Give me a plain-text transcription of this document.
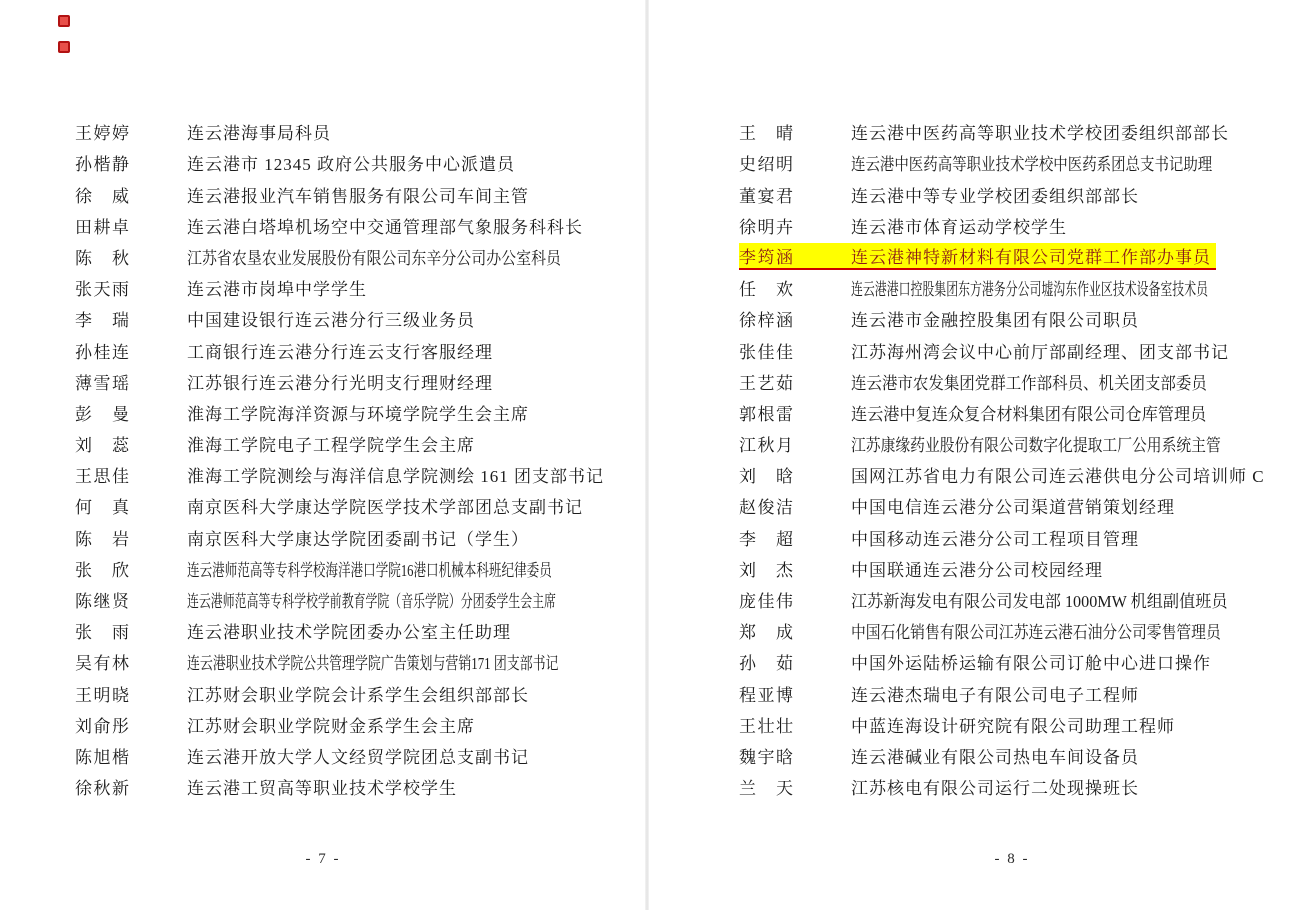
- 7 -	- 8 -
王婷婷	连云港海事局科员
孙楷静	连云港市 12345 政府公共服务中心派遣员
徐威	连云港报业汽车销售服务有限公司车间主管
田耕卓	连云港白塔埠机场空中交通管理部气象服务科科长
陈秋	江苏省农垦农业发展股份有限公司东辛分公司办公室科员
张天雨	连云港市岗埠中学学生
李瑞	中国建设银行连云港分行三级业务员
孙桂连	工商银行连云港分行连云支行客服经理
薄雪瑶	江苏银行连云港分行光明支行理财经理
彭曼	淮海工学院海洋资源与环境学院学生会主席
刘蕊	淮海工学院电子工程学院学生会主席
王思佳	淮海工学院测绘与海洋信息学院测绘 161 团支部书记
何真	南京医科大学康达学院医学技术学部团总支副书记
陈岩	南京医科大学康达学院团委副书记（学生）
张欣	连云港师范高等专科学校海洋港口学院16港口机械本科班纪律委员
陈继贤	连云港师范高等专科学校学前教育学院（音乐学院）分团委学生会主席
张雨	连云港职业技术学院团委办公室主任助理
吴有林	连云港职业技术学院公共管理学院广告策划与营销171 团支部书记
王明晓	江苏财会职业学院会计系学生会组织部部长
刘俞彤	江苏财会职业学院财金系学生会主席
陈旭楷	连云港开放大学人文经贸学院团总支副书记
徐秋新	连云港工贸高等职业技术学校学生
王晴	连云港中医药高等职业技术学校团委组织部部长
史绍明	连云港中医药高等职业技术学校中医药系团总支书记助理
董宴君	连云港中等专业学校团委组织部部长
徐明卉	连云港市体育运动学校学生
李筠涵	连云港神特新材料有限公司党群工作部办事员
任欢	连云港港口控股集团东方港务分公司墟沟东作业区技术设备室技术员
徐梓涵	连云港市金融控股集团有限公司职员
张佳佳	江苏海州湾会议中心前厅部副经理、团支部书记
王艺茹	连云港市农发集团党群工作部科员、机关团支部委员
郭根雷	连云港中复连众复合材料集团有限公司仓库管理员
江秋月	江苏康缘药业股份有限公司数字化提取工厂公用系统主管
刘晗	国网江苏省电力有限公司连云港供电分公司培训师 C
赵俊洁	中国电信连云港分公司渠道营销策划经理
李超	中国移动连云港分公司工程项目管理
刘杰	中国联通连云港分公司校园经理
庞佳伟	江苏新海发电有限公司发电部 1000MW 机组副值班员
郑成	中国石化销售有限公司江苏连云港石油分公司零售管理员
孙茹	中国外运陆桥运输有限公司订舱中心进口操作
程亚博	连云港杰瑞电子有限公司电子工程师
王壮壮	中蓝连海设计研究院有限公司助理工程师
魏宇晗	连云港碱业有限公司热电车间设备员
兰天	江苏核电有限公司运行二处现操班长
